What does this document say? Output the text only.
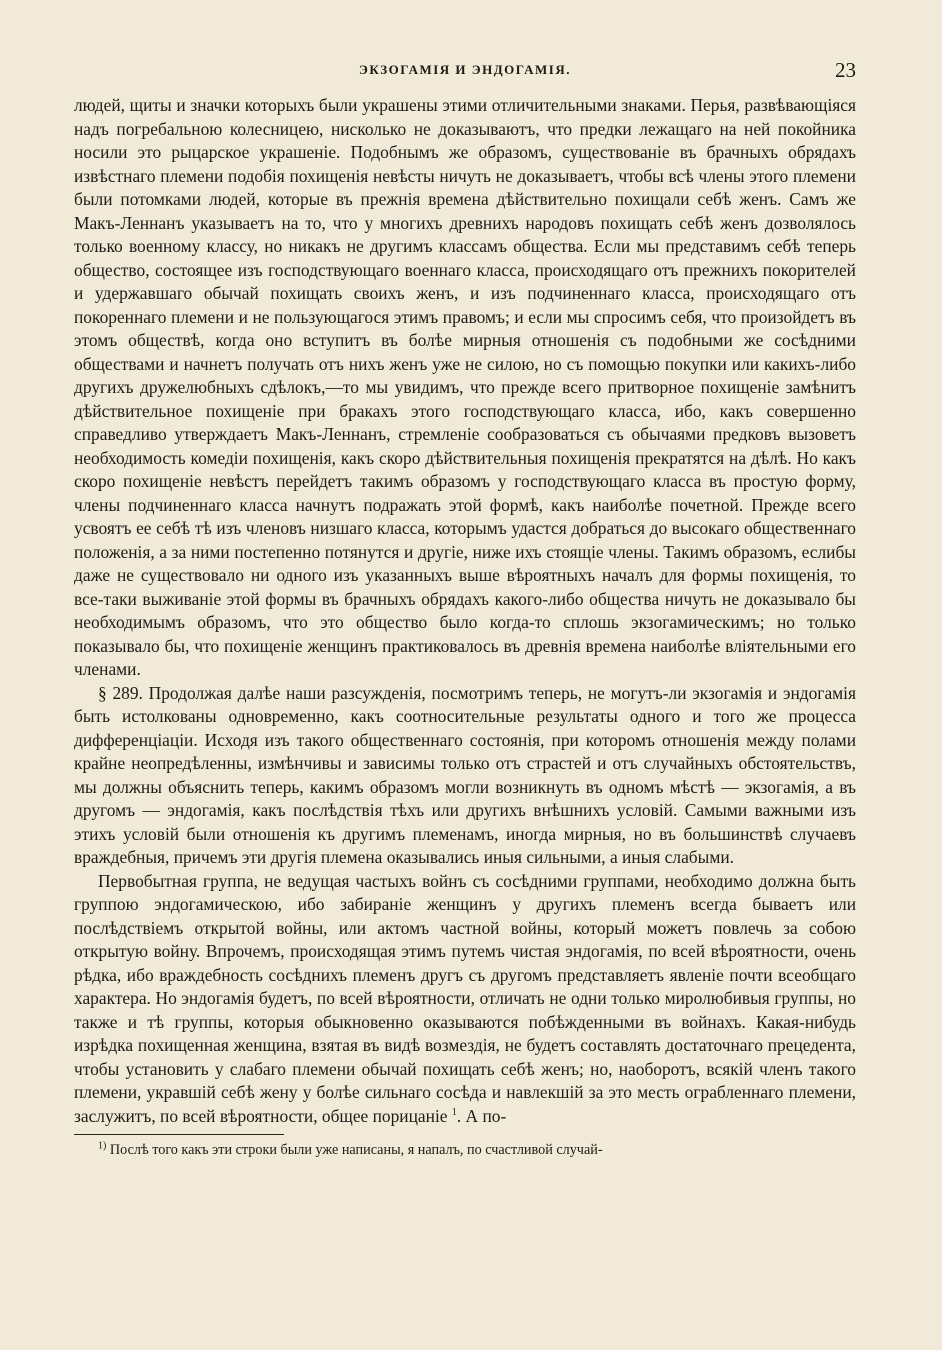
ЭКЗОГАМІЯ И ЭНДОГАМІЯ.	23

людей, щиты и значки которыхъ были украшены этими отличительными знаками. Перья, развѣвающіяся надъ погребальною колесницею, нисколько не доказываютъ, что предки лежащаго на ней покойника носили это рыцарское украшеніе. Подобнымъ же образомъ, существованіе въ брачныхъ обрядахъ извѣстнаго племени подобія похищенія невѣсты ничуть не доказываетъ, чтобы всѣ члены этого племени были потомками людей, которые въ прежнія времена дѣйствительно похищали себѣ женъ. Самъ же Макъ-Леннанъ указываетъ на то, что у многихъ древнихъ народовъ похищать себѣ женъ дозволялось только военному классу, но никакъ не другимъ классамъ общества. Если мы представимъ себѣ теперь общество, состоящее изъ господствующаго военнаго класса, происходящаго отъ прежнихъ покорителей и удержавшаго обычай похищать своихъ женъ, и изъ подчиненнаго класса, происходящаго отъ покореннаго племени и не пользующагося этимъ правомъ; и если мы спросимъ себя, что произойдетъ въ этомъ обществѣ, когда оно вступитъ въ болѣе мирныя отношенія съ подобными же сосѣдними обществами и начнетъ получать отъ нихъ женъ уже не силою, но съ помощью покупки или какихъ-либо другихъ дружелюбныхъ сдѣлокъ,—то мы увидимъ, что прежде всего притворное похищеніе замѣнитъ дѣйствительное похищеніе при бракахъ этого господствующаго класса, ибо, какъ совершенно справедливо утверждаетъ Макъ-Леннанъ, стремленіе сообразоваться съ обычаями предковъ вызоветъ необходимость комедіи похищенія, какъ скоро дѣйствительныя похищенія прекратятся на дѣлѣ. Но какъ скоро похищеніе невѣстъ перейдетъ такимъ образомъ у господствующаго класса въ простую форму, члены подчиненнаго класса начнутъ подражать этой формѣ, какъ наиболѣе почетной. Прежде всего усвоятъ ее себѣ тѣ изъ членовъ низшаго класса, которымъ удастся добраться до высокаго общественнаго положенія, а за ними постепенно потянутся и другіе, ниже ихъ стоящіе члены. Такимъ образомъ, еслибы даже не существовало ни одного изъ указанныхъ выше вѣроятныхъ началъ для формы похищенія, то все-таки выживаніе этой формы въ брачныхъ обрядахъ какого-либо общества ничуть не доказывало бы необходимымъ образомъ, что это общество было когда-то сплошь экзогамическимъ; но только показывало бы, что похищеніе женщинъ практиковалось въ древнія времена наиболѣе вліятельными его членами.

§ 289. Продолжая далѣе наши разсужденія, посмотримъ теперь, не могутъ-ли экзогамія и эндогамія быть истолкованы одновременно, какъ соотносительные результаты одного и того же процесса дифференціаціи. Исходя изъ такого общественнаго состоянія, при которомъ отношенія между полами крайне неопредѣленны, измѣнчивы и зависимы только отъ страстей и отъ случайныхъ обстоятельствъ, мы должны объяснить теперь, какимъ образомъ могли возникнуть въ одномъ мѣстѣ — экзогамія, а въ другомъ — эндогамія, какъ послѣдствія тѣхъ или другихъ внѣшнихъ условій. Самыми важными изъ этихъ условій были отношенія къ другимъ племенамъ, иногда мирныя, но въ большинствѣ случаевъ враждебныя, причемъ эти другія племена оказывались иныя сильными, а иныя слабыми.

Первобытная группа, не ведущая частыхъ войнъ съ сосѣдними группами, необходимо должна быть группою эндогамическою, ибо забираніе женщинъ у другихъ племенъ всегда бываетъ или послѣдствіемъ открытой войны, или актомъ частной войны, который можетъ повлечь за собою открытую войну. Впрочемъ, происходящая этимъ путемъ чистая эндогамія, по всей вѣроятности, очень рѣдка, ибо враждебность сосѣднихъ племенъ другъ съ другомъ представляетъ явленіе почти всеобщаго характера. Но эндогамія будетъ, по всей вѣроятности, отличать не одни только миролюбивыя группы, но также и тѣ группы, которыя обыкновенно оказываются побѣжденными въ войнахъ. Какая-нибудь изрѣдка похищенная женщина, взятая въ видѣ возмездія, не будетъ составлять достаточнаго прецедента, чтобы установить у слабаго племени обычай похищать себѣ женъ; но, наоборотъ, всякій членъ такого племени, укравшій себѣ жену у болѣе сильнаго сосѣда и навлекшій за это месть ограбленнаго племени, заслужитъ, по всей вѣроятности, общее порицаніе $^1$. А по-

$^{1)}$ Послѣ того какъ эти строки были уже написаны, я напалъ, по счастливой случай-
